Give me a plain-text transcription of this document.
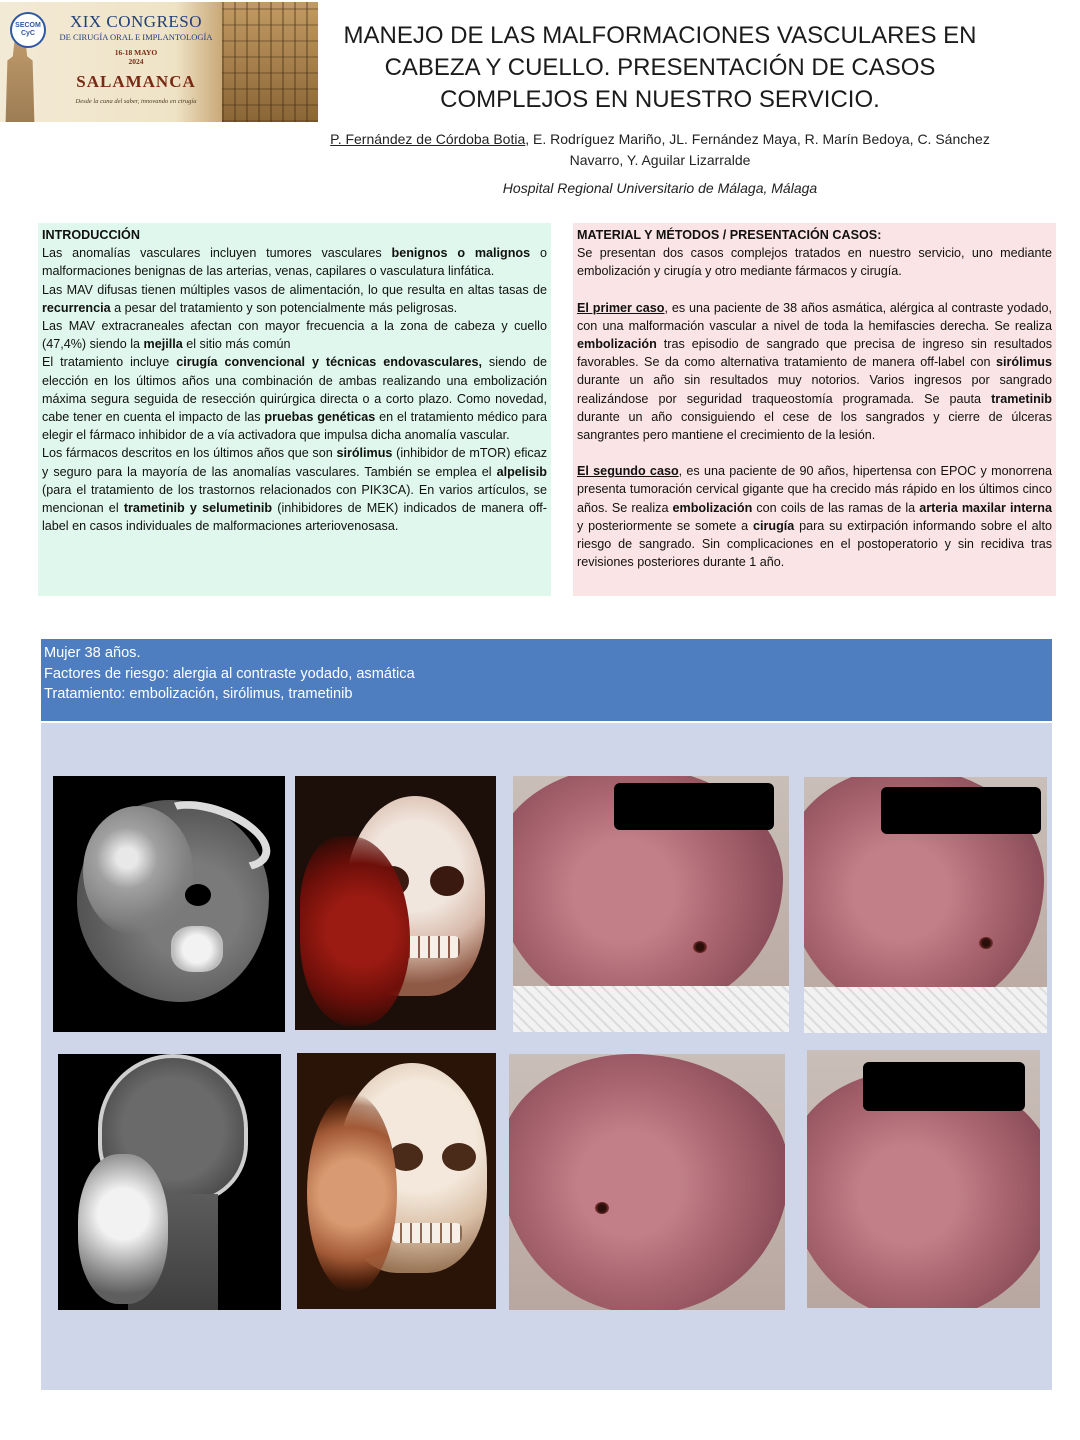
SECOM CyC
XIX CONGRESO
DE CIRUGÍA ORAL E IMPLANTOLOGÍA
16-18 MAYO
2024
SALAMANCA
Desde la cuna del saber, innovando en cirugía
MANEJO DE LAS MALFORMACIONES VASCULARES EN CABEZA Y CUELLO. PRESENTACIÓN DE CASOS COMPLEJOS EN NUESTRO SERVICIO.
P. Fernández de Córdoba Botia, E. Rodríguez Mariño, JL. Fernández Maya, R. Marín Bedoya, C. Sánchez Navarro, Y. Aguilar Lizarralde
Hospital Regional Universitario de Málaga, Málaga

INTRODUCCIÓN

Las anomalías vasculares incluyen tumores vasculares benignos o malignos o malformaciones benignas de las arterias, venas, capilares o vasculatura linfática.

Las MAV difusas tienen múltiples vasos de alimentación, lo que resulta en altas tasas de recurrencia a pesar del tratamiento y son potencialmente más peligrosas.

Las MAV extracraneales afectan con mayor frecuencia a la zona de cabeza y cuello (47,4%) siendo la mejilla el sitio más común

El tratamiento incluye cirugía convencional y técnicas endovasculares, siendo de elección en los últimos años una combinación de ambas realizando una embolización máxima segura seguida de resección quirúrgica directa o a corto plazo. Como novedad, cabe tener en cuenta el impacto de las pruebas genéticas en el tratamiento médico para elegir el fármaco inhibidor de a vía activadora que impulsa dicha anomalía vascular.

Los fármacos descritos en los últimos años que son sirólimus (inhibidor de mTOR) eficaz y seguro para la mayoría de las anomalías vasculares. También se emplea el alpelisib (para el tratamiento de los trastornos relacionados con PIK3CA). En varios artículos, se mencionan el trametinib y selumetinib (inhibidores de MEK) indicados de manera off-label en casos individuales de malformaciones arteriovenosasa.

MATERIAL Y MÉTODOS / PRESENTACIÓN CASOS:

Se presentan dos casos complejos tratados en nuestro servicio, uno mediante embolización y cirugía y otro mediante fármacos y cirugía.

El primer caso, es una paciente de 38 años asmática, alérgica al contraste yodado, con una malformación vascular a nivel de toda la hemifascies derecha. Se realiza embolización tras episodio de sangrado que precisa de ingreso sin resultados favorables. Se da como alternativa tratamiento de manera off-label con sirólimus durante un año sin resultados muy notorios. Varios ingresos por sangrado realizándose por seguridad traqueostomía programada. Se pauta trametinib durante un año consiguiendo el cese de los sangrados y cierre de úlceras sangrantes pero mantiene el crecimiento de la lesión.

El segundo caso, es una paciente de 90 años, hipertensa con EPOC y monorrena presenta tumoración cervical gigante que ha crecido más rápido en los últimos cinco años. Se realiza embolización con coils de las ramas de la arteria maxilar interna y posteriormente se somete a cirugía para su extirpación informando sobre el alto riesgo de sangrado. Sin complicaciones en el postoperatorio y sin recidiva tras revisiones posteriores durante 1 año.

Mujer 38 años.
Factores de riesgo: alergia al contraste yodado, asmática
Tratamiento: embolización, sirólimus, trametinib
